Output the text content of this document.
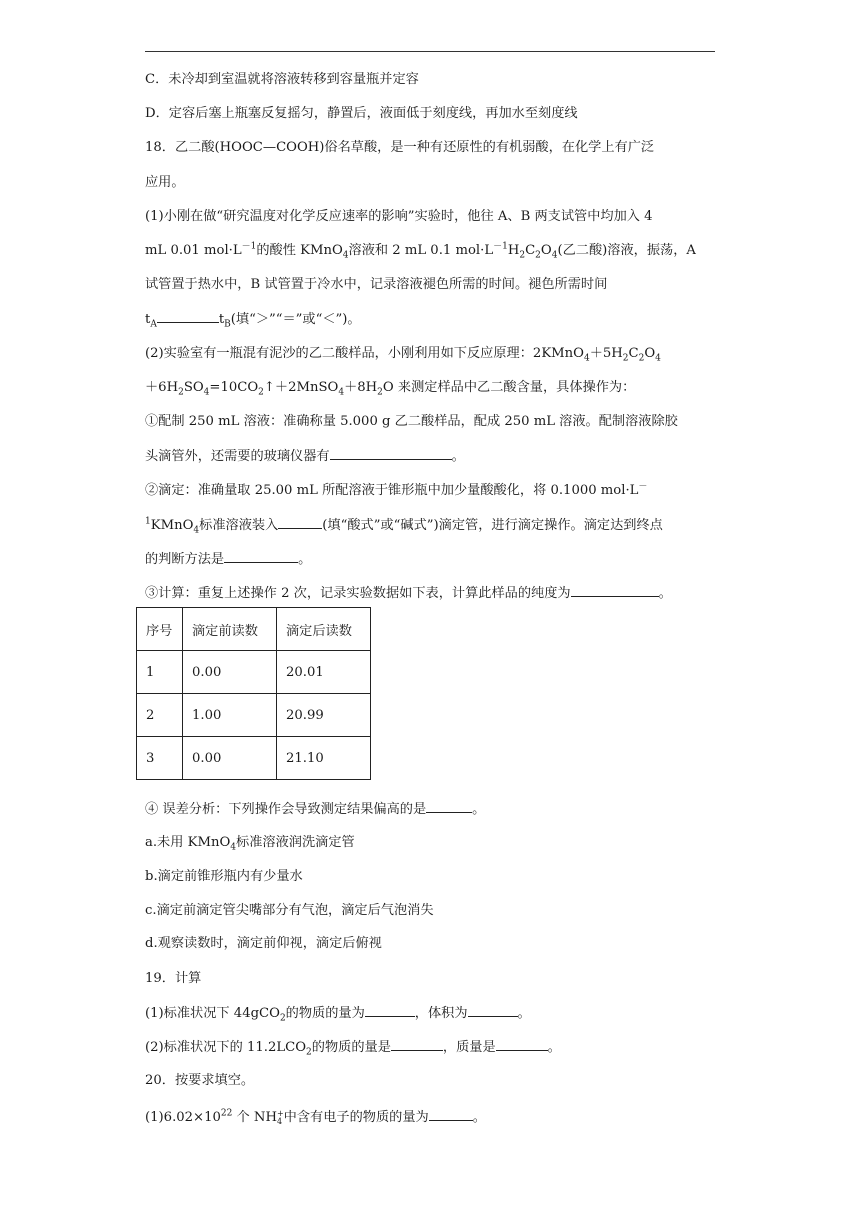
C．未冷却到室温就将溶液转移到容量瓶并定容
D．定容后塞上瓶塞反复摇匀，静置后，液面低于刻度线，再加水至刻度线
18．乙二酸(HOOC—COOH)俗名草酸，是一种有还原性的有机弱酸，在化学上有广泛
应用。
(1)小刚在做“研究温度对化学反应速率的影响”实验时，他往 A、B 两支试管中均加入 4
mL 0.01 $mol\cdot L^{-1}$的酸性 KMnO$_4$溶液和 2 mL 0.1 $mol\cdot L^{-1}H_2C_2O_4$(乙二酸)溶液，振荡，A
试管置于热水中，B 试管置于冷水中，记录溶液褪色所需的时间。褪色所需时间
$t_A$	$t_B$(填“＞”“＝”或“＜”)。
(2)实验室有一瓶混有泥沙的乙二酸样品，小刚利用如下反应原理：$2KMnO_4+5H_2C_2O_4$
$+6H_2SO_4=10CO_2↑+2MnSO_4+8H_2O$ 来测定样品中乙二酸含量，具体操作为：
①配制 250 mL 溶液：准确称量 5.000 g 乙二酸样品，配成 250 mL 溶液。配制溶液除胶
头滴管外，还需要的玻璃仪器有	。
②滴定：准确量取 25.00 mL 所配溶液于锥形瓶中加少量酸酸化，将 0.1000 mol·L－
$^1$KMnO$_4$标准溶液装入	(填“酸式”或“碱式”)滴定管，进行滴定操作。滴定达到终点
的判断方法是	。
③计算：重复上述操作 2 次，记录实验数据如下表，计算此样品的纯度为	。
序号	滴定前读数	滴定后读数
1	0.00	20.01
2	1.00	20.99
3	0.00	21.10
④ 误差分析：下列操作会导致测定结果偏高的是	。
a.未用 KMnO$_4$标准溶液润洗滴定管
b.滴定前锥形瓶内有少量水
c.滴定前滴定管尖嘴部分有气泡，滴定后气泡消失
d.观察读数时，滴定前仰视，滴定后俯视
19．计算
(1)标准状况下 44gCO$_2$的物质的量为	，体积为	。
(2)标准状况下的 $11.2LCO_2$的物质的量是	，质量是	。
20．按要求填空。
$(1)6.02\times 10^{22}$ 个 NH +
4 中含有电子的物质的量为	。
